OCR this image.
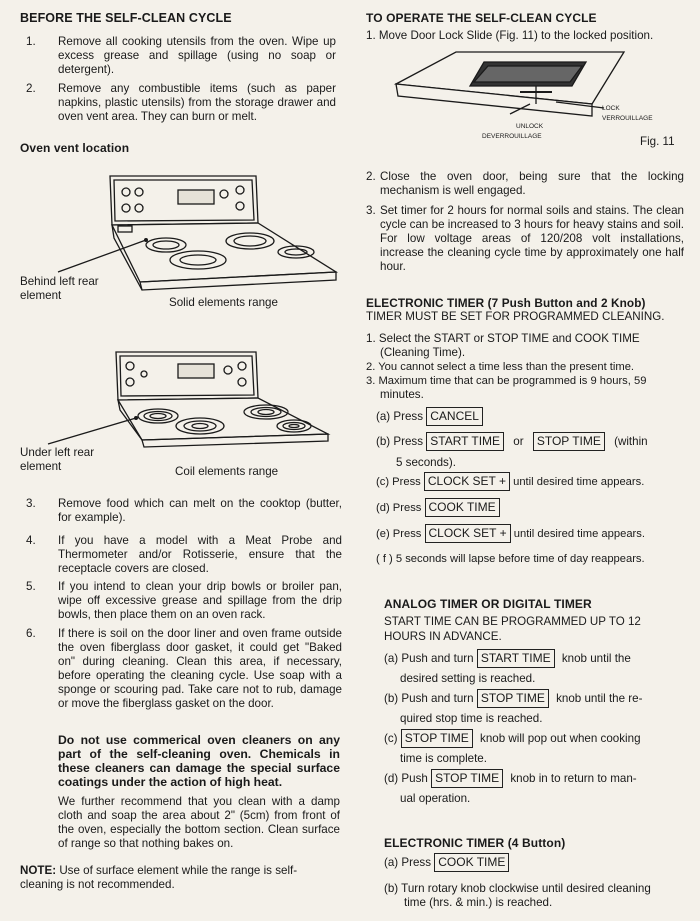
BEFORE THE SELF-CLEAN CYCLE
1. Remove all cooking utensils from the oven. Wipe up excess grease and spillage (using no soap or detergent).
2. Remove any combustible items (such as paper napkins, plastic utensils) from the storage drawer and oven vent area. They can burn or melt.
Oven vent location
Behind left rear element
Solid elements range
Under left rear element	Coil elements range
3. Remove food which can melt on the cooktop (butter, for example).
4. If you have a model with a Meat Probe and Thermometer and/or Rotisserie, ensure that the receptacle covers are closed.
5. If you intend to clean your drip bowls or broiler pan, wipe off excessive grease and spillage from the drip bowls, then place them on an oven rack.
6. If there is soil on the door liner and oven frame outside the oven fiberglass door gasket, it could get "Baked on" during cleaning. Clean this area, if necessary, before operating the cleaning cycle. Use soap with a sponge or scouring pad. Take care not to rub, damage or move the fiberglass gasket on the door.
Do not use commerical oven cleaners on any part of the self-cleaning oven. Chemicals in these cleaners can damage the special surface coatings under the action of high heat.
We further recommend that you clean with a damp cloth and soap the area about 2" (5cm) from front of the oven, especially the bottom section. Clean surface of range so that nothing bakes on.
NOTE: Use of surface element while the range is self-cleaning is not recommended.
TO OPERATE THE SELF-CLEAN CYCLE
1. Move Door Lock Slide (Fig. 11) to the locked position.
LOCK
VERROUILLAGE
UNLOCK
DEVERROUILLAGE	Fig. 11
2. Close the oven door, being sure that the locking mechanism is well engaged.
3. Set timer for 2 hours for normal soils and stains. The clean cycle can be increased to 3 hours for heavy stains and soil. For low voltage areas of 120/208 volt installations, increase the cleaning cycle time by approximately one half hour.
ELECTRONIC TIMER (7 Push Button and 2 Knob)
TIMER MUST BE SET FOR PROGRAMMED CLEANING.
1. Select the START or STOP TIME and COOK TIME
(Cleaning Time).
2. You cannot select a time less than the present time.
3. Maximum time that can be programmed is 9 hours, 59
minutes.
(a) Press CANCEL
(b) Press START TIME or STOP TIME (within
5 seconds).
(c) Press CLOCK SET + until desired time appears.
(d) Press COOK TIME
(e) Press CLOCK SET + until desired time appears.
( f ) 5 seconds will lapse before time of day reappears.
ANALOG TIMER OR DIGITAL TIMER
START TIME CAN BE PROGRAMMED UP TO 12
HOURS IN ADVANCE.
(a) Push and turn START TIME knob until the
desired setting is reached.
(b) Push and turn STOP TIME knob until the re-
quired stop time is reached.
(c) STOP TIME knob will pop out when cooking
time is complete.
(d) Push STOP TIME knob in to return to man-
ual operation.
ELECTRONIC TIMER (4 Button)
(a) Press COOK TIME
(b) Turn rotary knob clockwise until desired cleaning
time (hrs. & min.) is reached.
